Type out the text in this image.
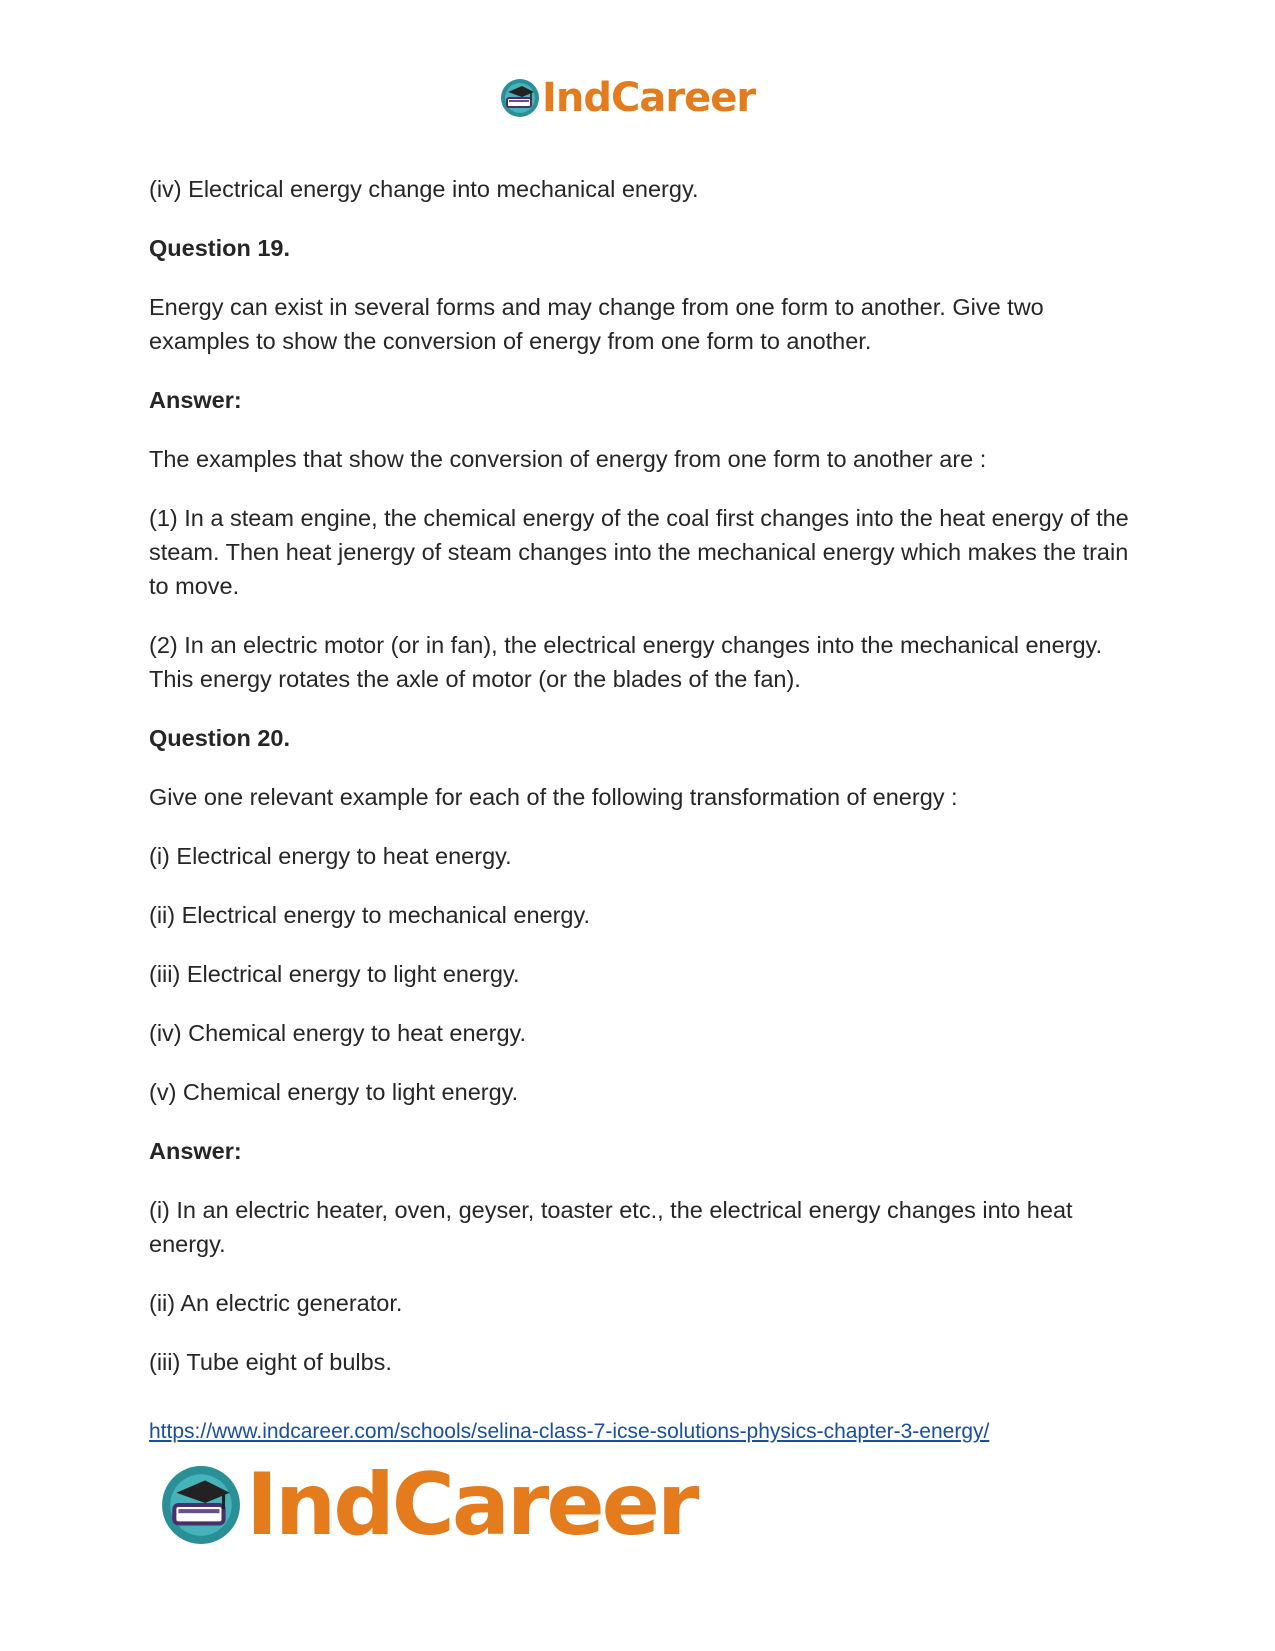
IndCareer

(iv) Electrical energy change into mechanical energy.

Question 19.

Energy can exist in several forms and may change from one form to another. Give two examples to show the conversion of energy from one form to another.

Answer:

The examples that show the conversion of energy from one form to another are :

(1) In a steam engine, the chemical energy of the coal first changes into the heat energy of the steam. Then heat jenergy of steam changes into the mechanical energy which makes the train to move.

(2) In an electric motor (or in fan), the electrical energy changes into the mechanical energy. This energy rotates the axle of motor (or the blades of the fan).

Question 20.

Give one relevant example for each of the following transformation of energy :

(i) Electrical energy to heat energy.

(ii) Electrical energy to mechanical energy.

(iii) Electrical energy to light energy.

(iv) Chemical energy to heat energy.

(v) Chemical energy to light energy.

Answer:

(i) In an electric heater, oven, geyser, toaster etc., the electrical energy changes into heat energy.

(ii) An electric generator.

(iii) Tube eight of bulbs.

https://www.indcareer.com/schools/selina-class-7-icse-solutions-physics-chapter-3-energy/
IndCareer
